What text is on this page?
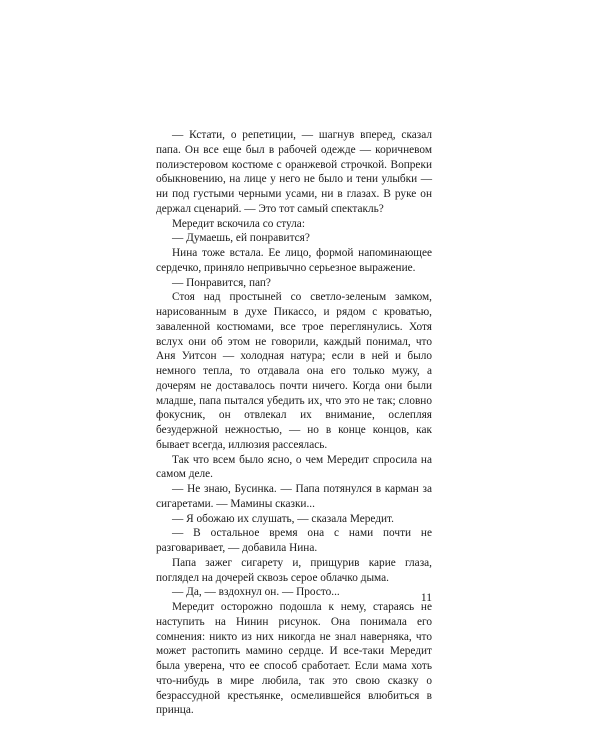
— Кстати, о репетиции, — шагнув вперед, сказал папа. Он все еще был в рабочей одежде — коричневом полиэстеровом костюме с оранжевой строчкой. Вопреки обыкновению, на лице у него не было и тени улыбки — ни под густыми черными усами, ни в глазах. В руке он держал сценарий. — Это тот самый спектакль?

Мередит вскочила со стула:

— Думаешь, ей понравится?

Нина тоже встала. Ее лицо, формой напоминающее сердечко, приняло непривычно серьезное выражение.

— Понравится, пап?

Стоя над простыней со светло-зеленым замком, нарисованным в духе Пикассо, и рядом с кроватью, заваленной костюмами, все трое переглянулись. Хотя вслух они об этом не говорили, каждый понимал, что Аня Уитсон — холодная натура; если в ней и было немного тепла, то отдавала она его только мужу, а дочерям не доставалось почти ничего. Когда они были младше, папа пытался убедить их, что это не так; словно фокусник, он отвлекал их внимание, ослепляя безудержной нежностью, — но в конце концов, как бывает всегда, иллюзия рассеялась.

Так что всем было ясно, о чем Мередит спросила на самом деле.

— Не знаю, Бусинка. — Папа потянулся в карман за сигаретами. — Мамины сказки...

— Я обожаю их слушать, — сказала Мередит.

— В остальное время она с нами почти не разговаривает, — добавила Нина.

Папа зажег сигарету и, прищурив карие глаза, поглядел на дочерей сквозь серое облачко дыма.

— Да, — вздохнул он. — Просто...

Мередит осторожно подошла к нему, стараясь не наступить на Нинин рисунок. Она понимала его сомнения: никто из них никогда не знал наверняка, что может растопить мамино сердце. И все-таки Мередит была уверена, что ее способ сработает. Если мама хоть что-нибудь в мире любила, так это свою сказку о безрассудной крестьянке, осмелившейся влюбиться в принца.

11
